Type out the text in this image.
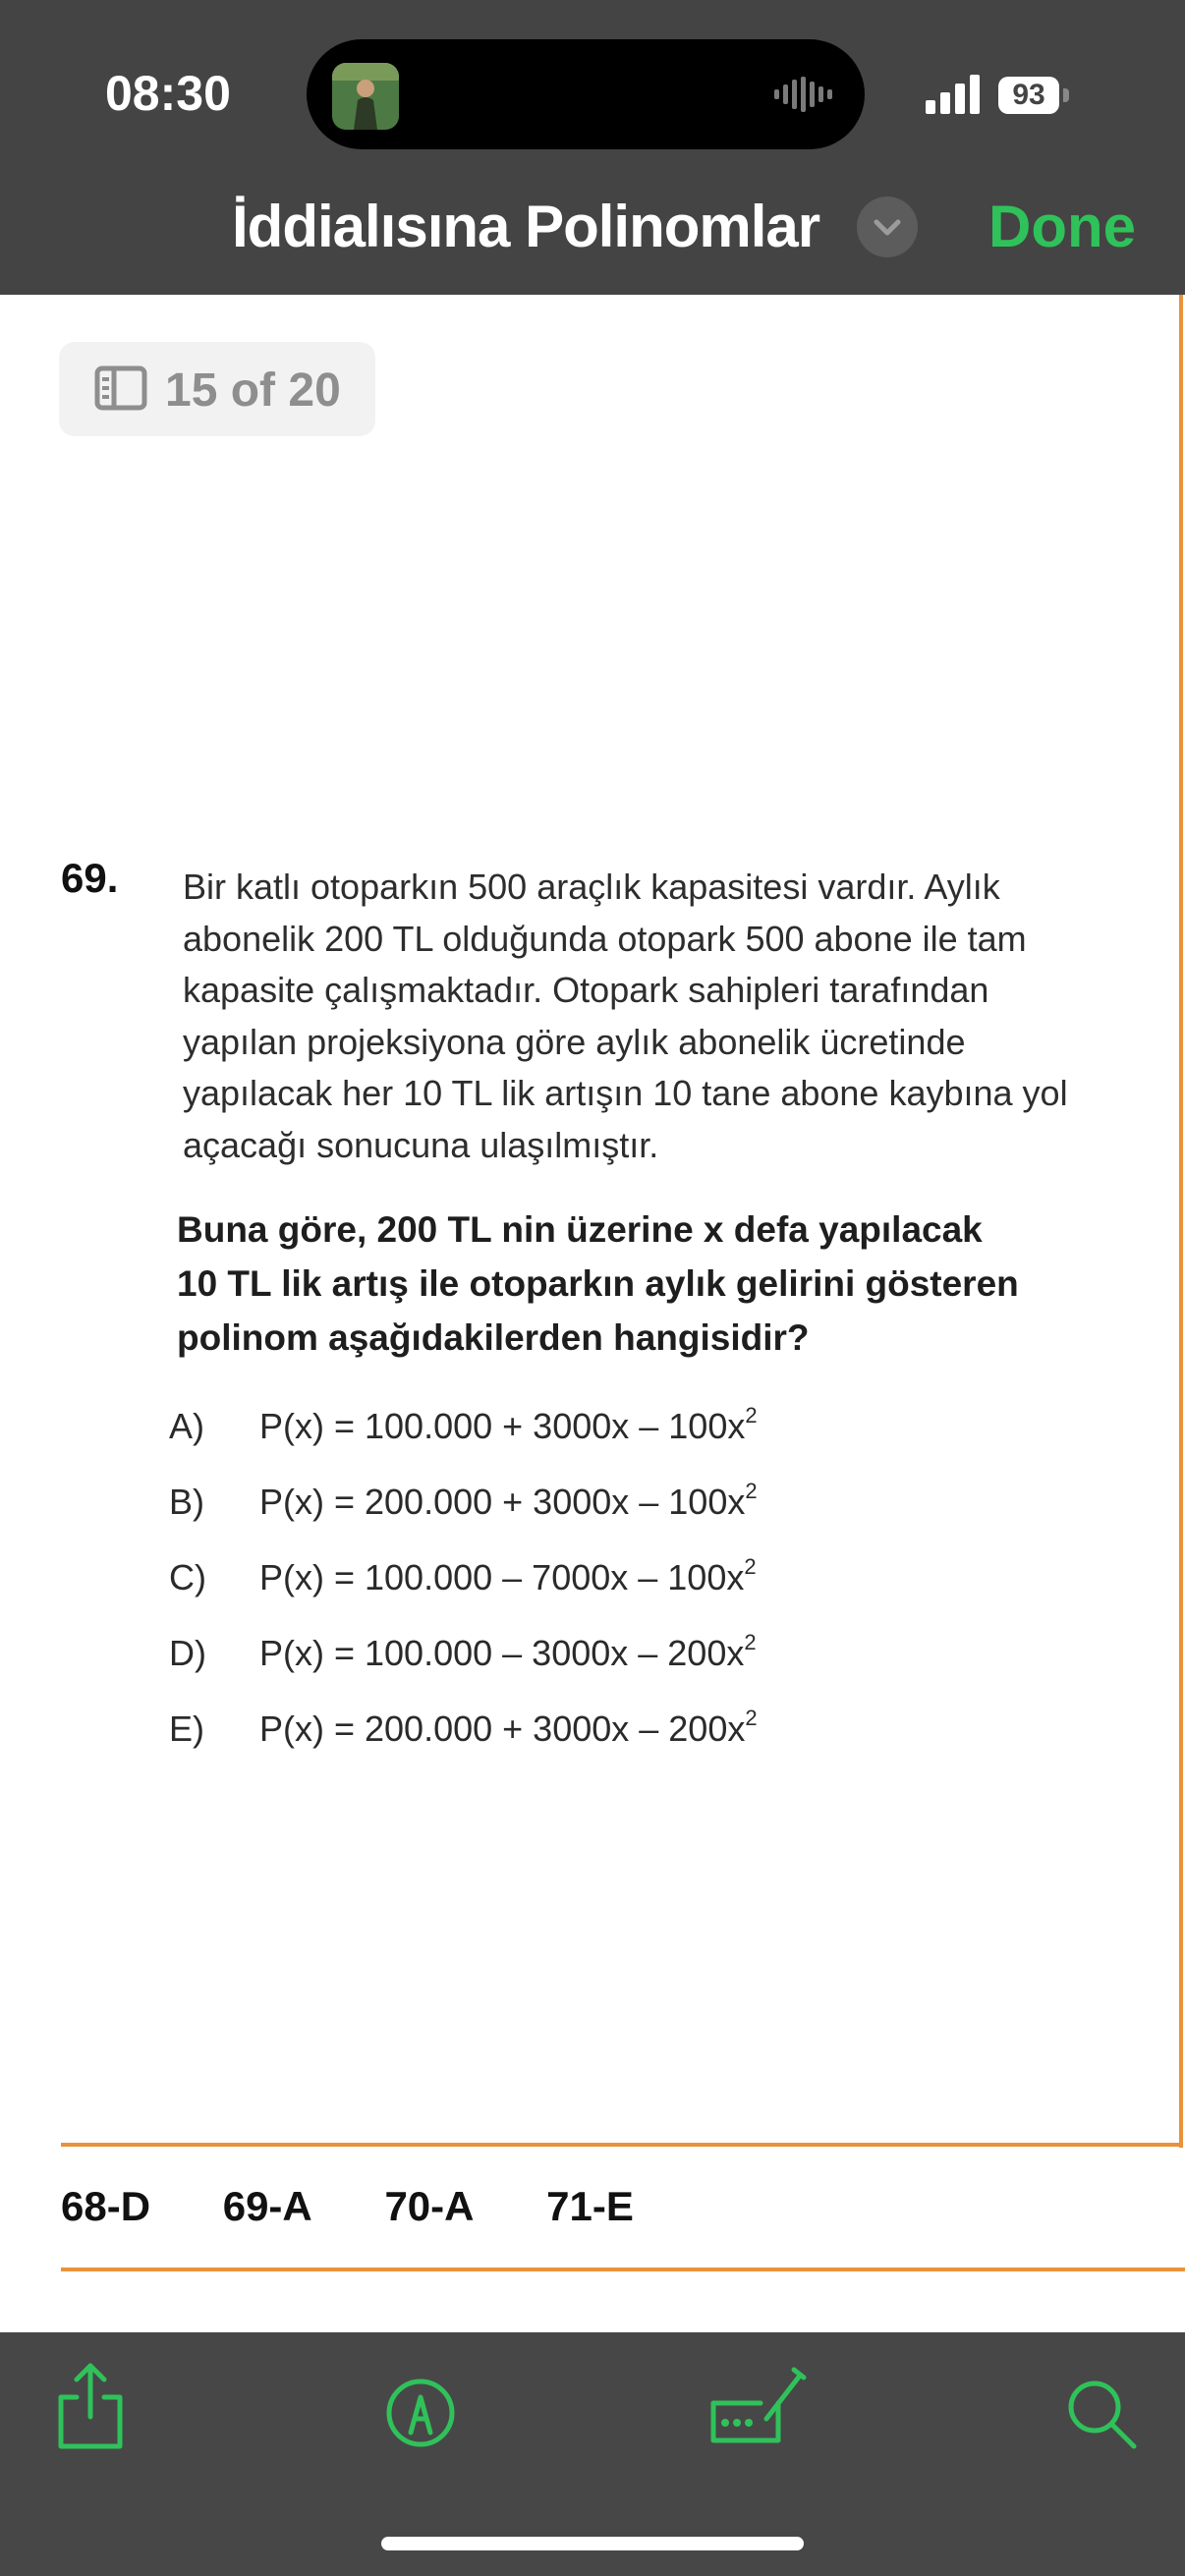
08:30	93
İddialısına Polinomlar	Done
15 of 20
69. Bir katlı otoparkın 500 araçlık kapasitesi vardır. Aylık
abonelik 200 TL olduğunda otopark 500 abone ile tam
kapasite çalışmaktadır. Otopark sahipleri tarafından
yapılan projeksiyona göre aylık abonelik ücretinde
yapılacak her 10 TL lik artışın 10 tane abone kaybına yol
açacağı sonucuna ulaşılmıştır.
Buna göre, 200 TL nin üzerine x defa yapılacak
10 TL lik artış ile otoparkın aylık gelirini gösteren
polinom aşağıdakilerden hangisidir?
A) $P(x) = 100.000 + 3000x - 100x^2$
B) $P(x) = 200.000 + 3000x - 100x^2$
C) $P(x) = 100.000 - 7000x - 100x^2$
D) $P(x) = 100.000 - 3000x - 200x^2$
E) $P(x) = 200.000 + 3000x - 200x^2$
68-D 69-A 70-A 71-E
